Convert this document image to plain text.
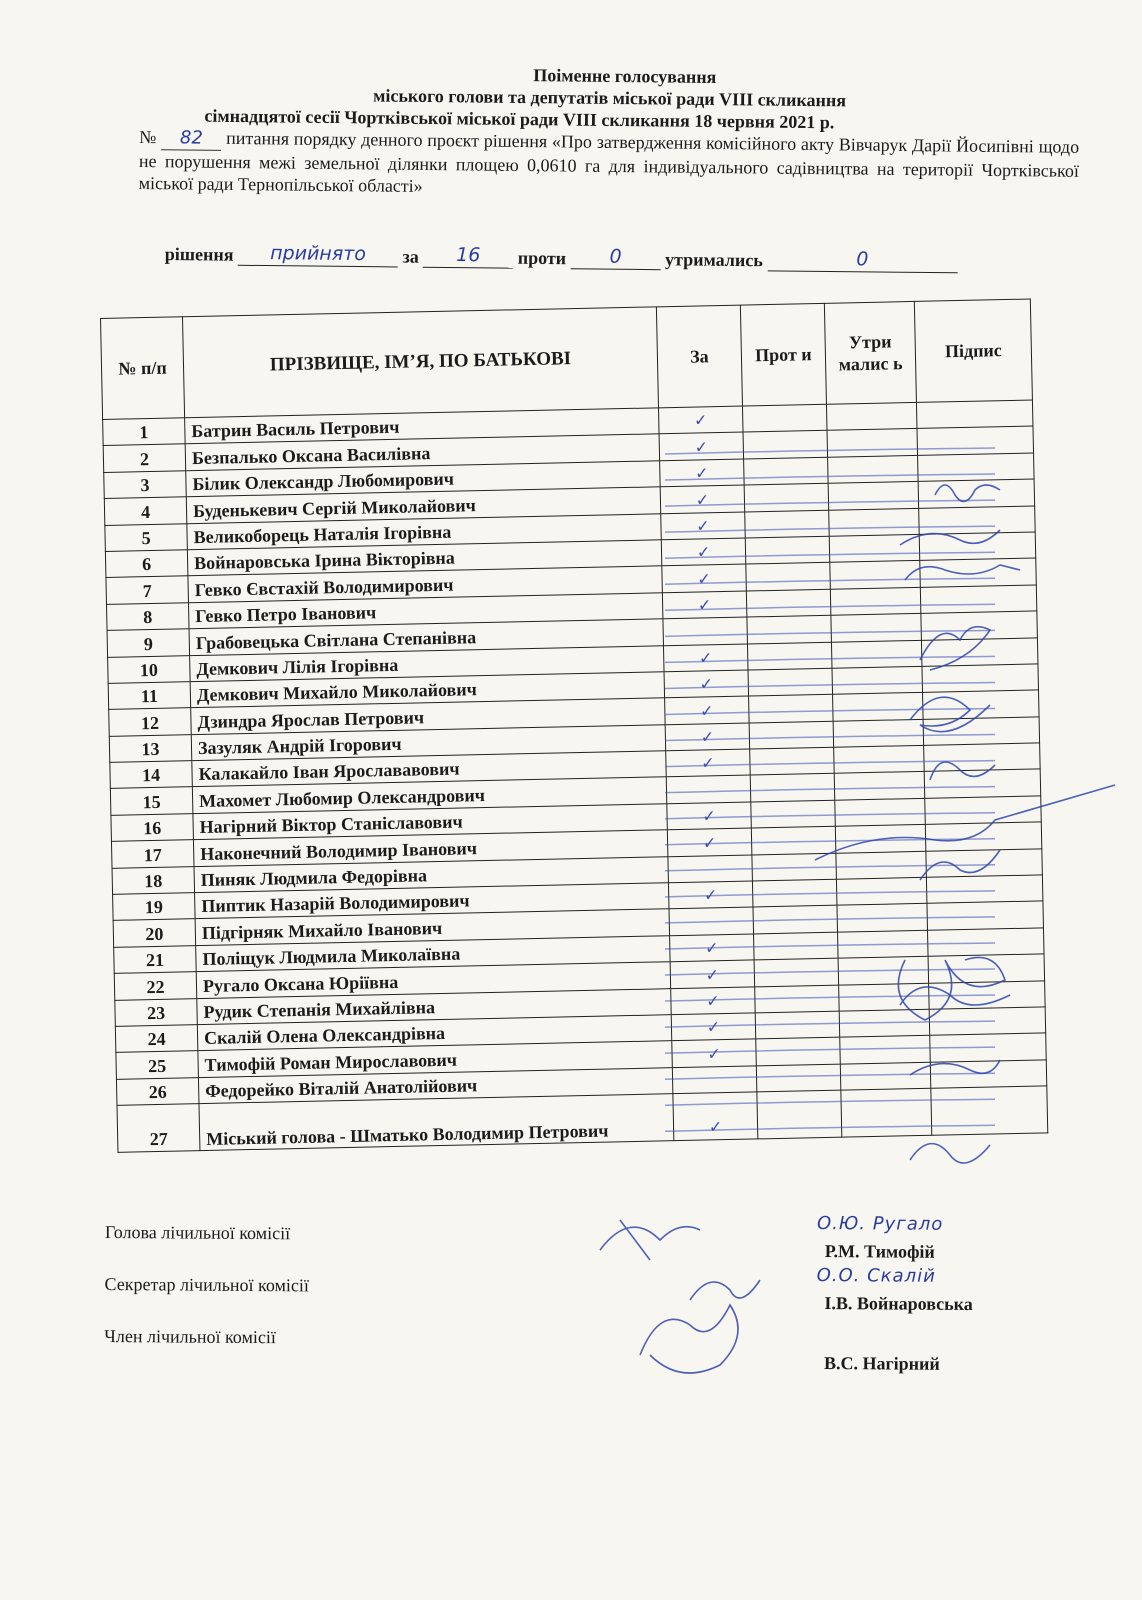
Поіменне голосування
міського голови та депутатів міської ради VIII скликання
сімнадцятої сесії Чортківської міської ради VIII скликання 18 червня 2021 р.
№ 82 питання порядку денного проєкт рішення «Про затвердження комісійного акту Вівчарук Дарії Йосипівні щодо не порушення межі земельної ділянки площею 0,0610 га для індивідуального садівництва на території Чортківської міської ради Тернопільської області»
рішення прийнято за 16 проти 0 утримались	0
№ п/п	ПРІЗВИЩЕ, ІМ’Я, ПО БАТЬКОВІ	За	Прот и	Утри малис ь	Підпис
1	Батрин Василь Петрович	✓			
2	Безпалько Оксана Василівна	✓			
3	Білик Олександр Любомирович	✓			
4	Буденькевич Сергій Миколайович	✓			
5	Великоборець Наталія Ігорівна	✓			
6	Войнаровська Ірина Вікторівна	✓			
7	Гевко Євстахій Володимирович	✓			
8	Гевко Петро Іванович	✓			
9	Грабовецька Світлана Степанівна				
10	Демкович Лілія Ігорівна	✓			
11	Демкович Михайло Миколайович	✓			
12	Дзиндра Ярослав Петрович	✓			
13	Зазуляк Андрій Ігорович	✓			
14	Калакайло Іван Ярослававович	✓			
15	Махомет Любомир Олександрович				
16	Нагірний Віктор Станіславович	✓			
17	Наконечний Володимир Іванович	✓			
18	Пиняк Людмила Федорівна				
19	Пиптик Назарій Володимирович	✓			
20	Підгірняк Михайло Іванович				
21	Поліщук Людмила Миколаївна	✓			
22	Ругало Оксана Юріївна	✓			
23	Рудик Степанія Михайлівна	✓			
24	Скалій Олена Олександрівна	✓			
25	Тимофій Роман Мирославович	✓			
26	Федорейко Віталій Анатолійович				
27	Міський голова - Шматько Володимир Петрович	✓			
Голова лічильної комісії	О.Ю. Ругало
Р.М. Тимофій
Секретар лічильної комісії	О.О. Скалій
І.В. Войнаровська
Член лічильної комісії
В.С. Нагірний
